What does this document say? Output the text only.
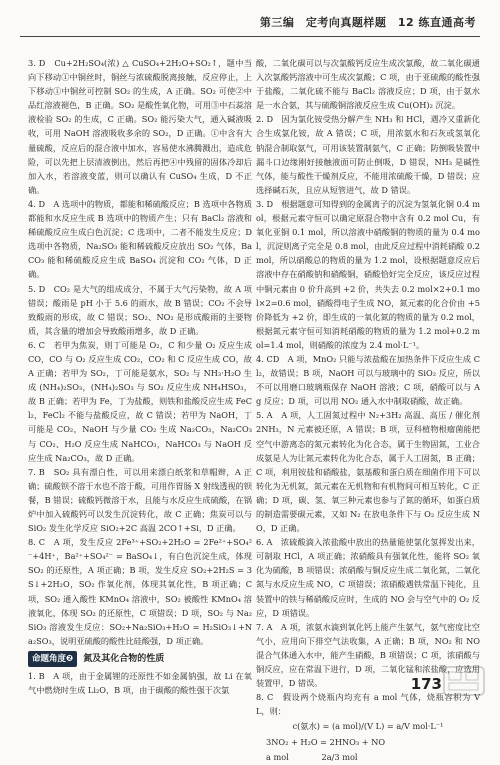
第三编　定考向真题样题　12 练直通高考

3. D　Cu+2H₂SO₄(浓) △ CuSO₄+2H₂O+SO₂↑，题中当向下移动①中铜丝时，铜丝与浓硫酸脱离接触，反应停止，上下移动①中铜丝可控制 SO₂ 的生成，A 正确。SO₂ 可使②中品红溶液褪色，B 正确。SO₂ 是酸性氧化物，可用③中石蕊溶液检验 SO₂ 的生成，C 正确。SO₂ 能污染大气，通入碱液吸收，可用 NaOH 溶液吸收多余的 SO₂，D 正确。①中含有大量硫酸，反应后的混合液中加水，容易使水沸腾溅出，造成危险，可以先把上层清液倒出，然后再把④中残留的固体冷却后加入水，若溶液变蓝，则可以确认有 CuSO₄ 生成，D 不正确。

4. D　A 选项中的物质，都能和稀硫酸反应；B 选项中各物质都能和水反应生成 B 选项中的物质产生；只有 BaCl₂ 溶液和稀硫酸反应生成白色沉淀；C 选项中，二者不能发生反应；D 选项中各物质，Na₂SO₃ 能和稀硫酸反应放出 SO₂ 气体，BaCO₃ 能和稀硫酸反应生成 BaSO₄ 沉淀和 CO₂ 气体，D 正确。

5. D　CO₂ 是大气的组成成分，不属于大气污染物，故 A 项错误；酸雨是 pH 小于 5.6 的雨水，故 B 错误；CO₂ 不会导致酸雨的形成，故 C 错误；SO₂、NO₂ 是形成酸雨的主要物质，其含量的增加会导致酸雨增多，故 D 正确。

6. C　若甲为焦炭，则丁可能是 O₂，C 和少量 O₂ 反应生成 CO，CO 与 O₂ 反应生成 CO₂，CO₂ 和 C 反应生成 CO，故 A 正确；若甲为 SO₂，丁可能是氨水，SO₂ 与 NH₃·H₂O 生成 (NH₄)₂SO₃，(NH₄)₂SO₃ 与 SO₂ 反应生成 NH₄HSO₃，故 B 正确；若甲为 Fe，丁为盐酸，则铁和盐酸反应生成 FeCl₂，FeCl₂ 不能与盐酸反应，故 C 错误；若甲为 NaOH，丁可能是 CO₂，NaOH 与少量 CO₂ 生成 Na₂CO₃，Na₂CO₃ 与 CO₂、H₂O 反应生成 NaHCO₃，NaHCO₃ 与 NaOH 反应生成 Na₂CO₃，故 D 正确。

7. B　SO₂ 具有漂白性，可以用来漂白纸浆和草帽辫，A 正确；硫酸钡不溶于水也不溶于酸，可用作胃肠 X 射线透视的钡餐，B 错误；硫酸钙微溶于水，且能与水反应生成硫酸，在锅炉中加入硫酸钙可以发生沉淀转化，故 C 正确；焦炭可以与 SiO₂ 发生化学反应 SiO₂+2C 高温 2CO↑+Si，D 正确。

8. C　A 项，发生反应 2Fe³⁺+SO₂+2H₂O = 2Fe²⁺+SO₄²⁻+4H⁺，Ba²⁺+SO₄²⁻ = BaSO₄↓，有白色沉淀生成，体现 SO₂ 的还原性，A 项正确；B 项，发生反应 SO₂+2H₂S = 3S↓+2H₂O，SO₂ 作氧化剂，体现其氧化性，B 项正确；C 项，SO₂ 通入酸性 KMnO₄ 溶液中，SO₂ 被酸性 KMnO₄ 溶液氧化，体现 SO₂ 的还原性，C 项错误；D 项，SO₂ 与 Na₂SiO₃ 溶液发生反应：SO₂+Na₂SiO₃+H₂O = H₂SiO₃↓+Na₂SO₃，说明亚硫酸的酸性比硅酸强，D 项正确。

命题角度❷	氮及其化合物的性质

1. B　A 项，由于金属锂的还原性不如金属钠强，故 Li 在氧气中燃烧时生成 Li₂O，B 项，由于碳酸的酸性强于次氯

酸，二氧化碳可以与次氯酸钙反应生成次氯酸，故二氧化碳通入次氯酸钙溶液中可生成次氯酸；C 项，由于亚硫酸的酸性强于盐酸，二氧化硫不能与 BaCl₂ 溶液反应；D 项，由于氨水是一水合氨，其与硫酸铜溶液反应生成 Cu(OH)₂ 沉淀。

2. D　因为氯化铵受热分解产生 NH₃ 和 HCl，遇冷又重新化合生成氯化铵，故 A 错误；C 项，用浓氨水和石灰或氢氧化钠混合制取氨气，可用该装置制氨气，C 正确；防倒吸装置中漏斗口边缘刚好接触液面可防止倒吸，D 错误，NH₃ 是碱性气体，能与酸性干燥剂反应，不能用浓硫酸干燥，D 错误；应选择碱石灰，且应从短管进气，故 D 错误。

3. D　根据题意可知得到的金属离子的沉淀为氢氧化铜 0.4 mol，根据元素守恒可以确定原混合物中含有 0.2 mol Cu，有氧化亚铜 0.1 mol，所以溶液中硝酸铜的物质的量为 0.4 mol，沉淀则离子完全是 0.8 mol，由此反应过程中消耗硝酸 0.2 mol，所以硝酸总的物质的量为 1.2 mol，设根据题意反应后溶液中存在硝酸钠和硝酸铜，硝酸恰好完全反应，该反应过程中铜元素由 0 价升高到 +2 价，共失去 0.2 mol×2+0.1 mol×2=0.6 mol，硝酸得电子生成 NO，氮元素的化合价由 +5 价降低为 +2 价，即生成的一氧化氮的物质的量为 0.2 mol，根据氮元素守恒可知消耗硝酸的物质的量为 1.2 mol+0.2 mol=1.4 mol，则硝酸的浓度为 2.4 mol·L⁻¹。

4. CD　A 项，MnO₂ 只能与浓盐酸在加热条件下反应生成 Cl₂，故错误；B 项，NaOH 可以与玻璃中的 SiO₂ 反应，所以不可以用磨口玻璃瓶保存 NaOH 溶液；C 项，硝酸可以与 Ag 反应；D 项，可以用 NO₂ 通入水中制取硝酸，故正确。

5. A　A 项，人工固氮过程中 N₂+3H₂ 高温、高压 / 催化剂 2NH₃，N 元素被还原，A 错误；B 项，豆科植物根瘤菌能把空气中游离态的氮元素转化为化合态，属于生物固氮，工业合成氨是人为让氮元素转化为化合态，属于人工固氮，B 正确；C 项，利用铵盐和硝酸盐，氨基酸和蛋白质在细菌作用下可以转化为无机氮，氮元素在无机物和有机物间可相互转化，C 正确；D 项，碳、氢、氧三种元素也参与了氮的循环，如蛋白质的制造需要碳元素，又如 N₂ 在放电条件下与 O₂ 反应生成 NO，D 正确。

6. A　浓硫酸滴入浓盐酸中放出的热量能使氯化氢挥发出来，可制取 HCl，A 项正确；浓硝酸具有强氧化性，能将 SO₂ 氧化为硫酸，B 项错误；浓硝酸与铜反应生成二氧化氮，二氧化氮与水反应生成 NO，C 项错误；浓硝酸遇铁常温下钝化，且装置中的铁与稀硝酸反应时，生成的 NO 会与空气中的 O₂ 反应，D 项错误。

7. A　A 项，浓氨水滴到氧化钙上能产生氨气，氨气密度比空气小，应用向下排空气法收集，A 正确；B 项，NO₂ 和 NO 混合气体通入水中，能产生硝酸，B 项错误；C 项，浓硝酸与铜反应，应在常温下进行，D 项，二氧化锰和浓盐酸，应选用装置甲，D 错误。

8. C　假设两个烧瓶内均充有 a mol 气体，烧瓶容积为 V L，则：

c(氨水) = (a mol)/(V L) = a/V mol·L⁻¹

3NO₂ + H₂O = 2HNO₃ + NO

a mol　　　　2a/3 mol

173
